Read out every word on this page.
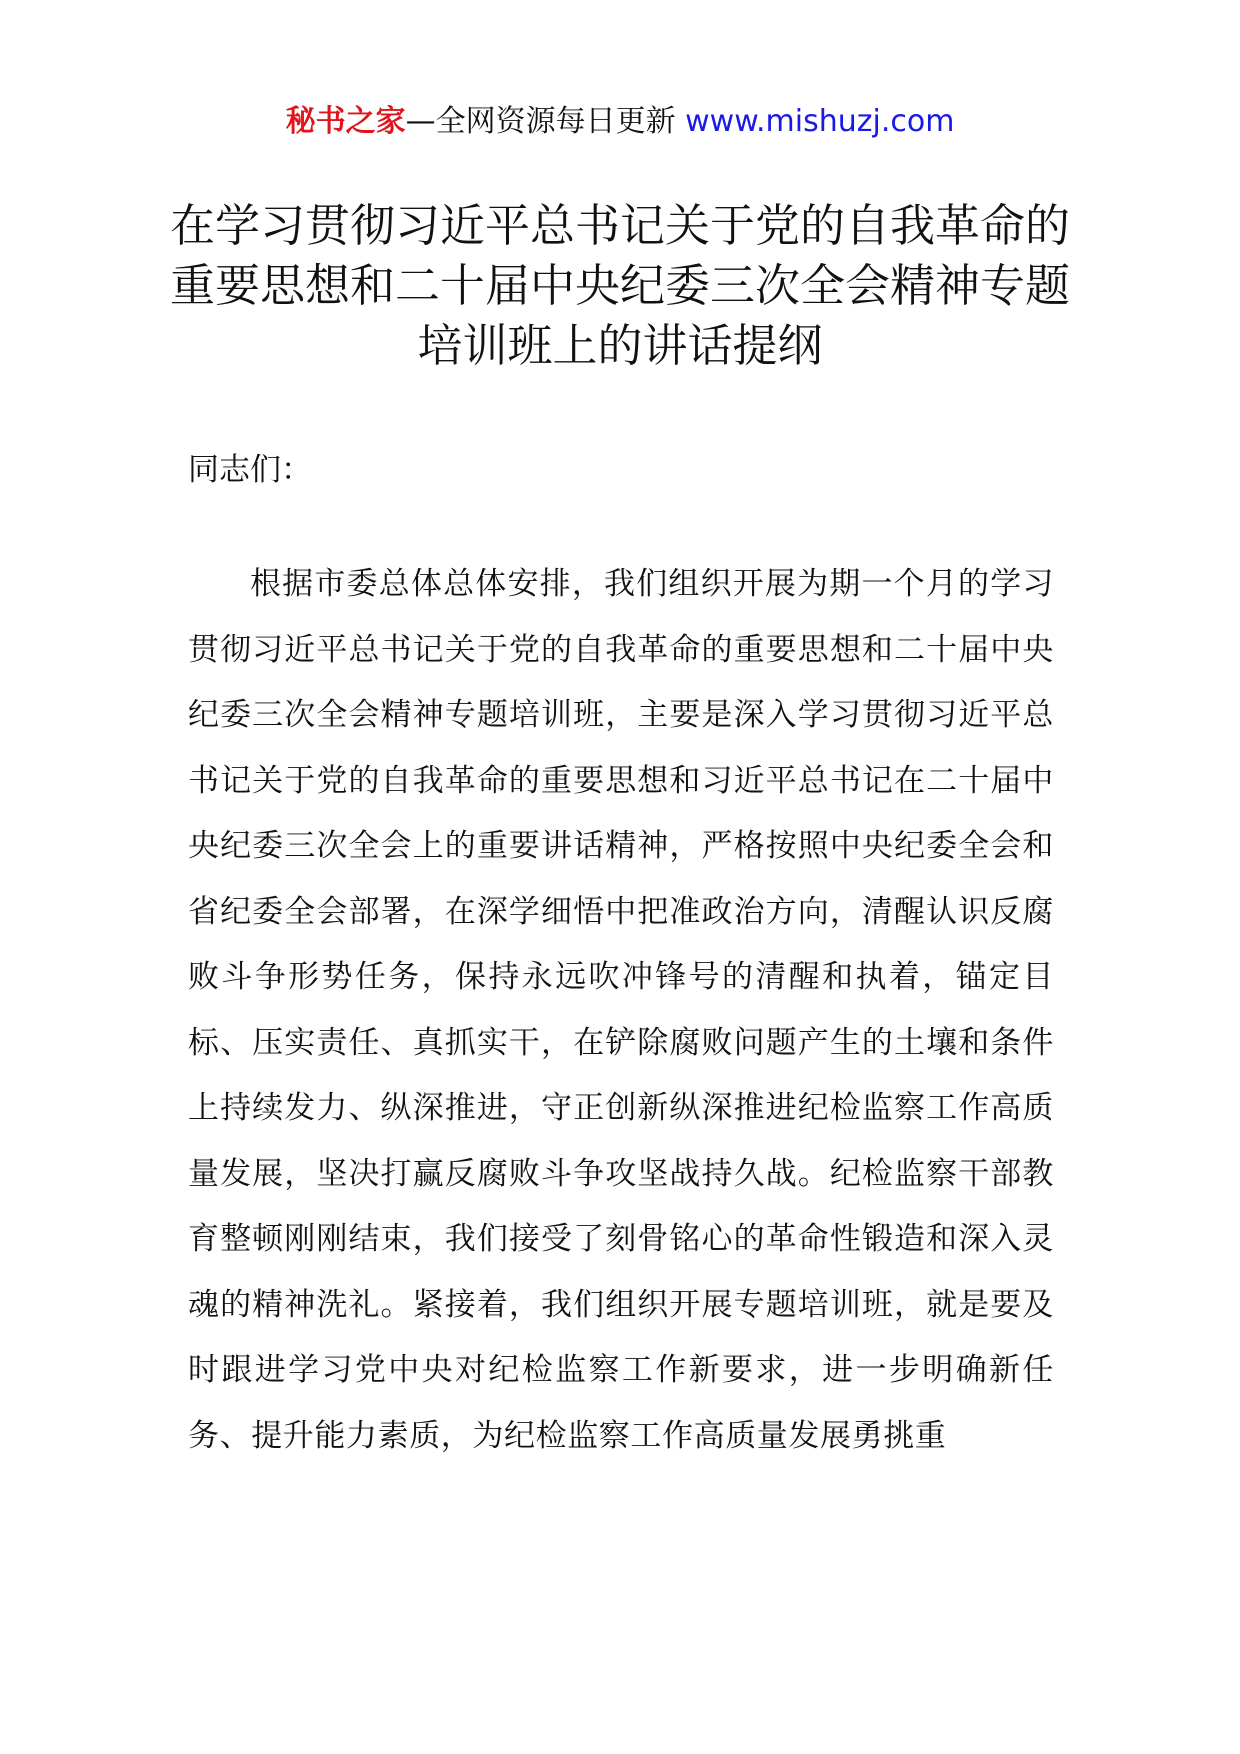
秘书之家—全网资源每日更新 www.mishuzj.com
在学习贯彻习近平总书记关于党的自我革命的重要思想和二十届中央纪委三次全会精神专题培训班上的讲话提纲

同志们：

根据市委总体总体安排，我们组织开展为期一个月的学习贯彻习近平总书记关于党的自我革命的重要思想和二十届中央纪委三次全会精神专题培训班，主要是深入学习贯彻习近平总书记关于党的自我革命的重要思想和习近平总书记在二十届中央纪委三次全会上的重要讲话精神，严格按照中央纪委全会和省纪委全会部署，在深学细悟中把准政治方向，清醒认识反腐败斗争形势任务，保持永远吹冲锋号的清醒和执着，锚定目标、压实责任、真抓实干，在铲除腐败问题产生的土壤和条件上持续发力、纵深推进，守正创新纵深推进纪检监察工作高质量发展，坚决打赢反腐败斗争攻坚战持久战。纪检监察干部教育整顿刚刚结束，我们接受了刻骨铭心的革命性锻造和深入灵魂的精神洗礼。紧接着，我们组织开展专题培训班，就是要及时跟进学习党中央对纪检监察工作新要求，进一步明确新任务、提升能力素质，为纪检监察工作高质量发展勇挑重
